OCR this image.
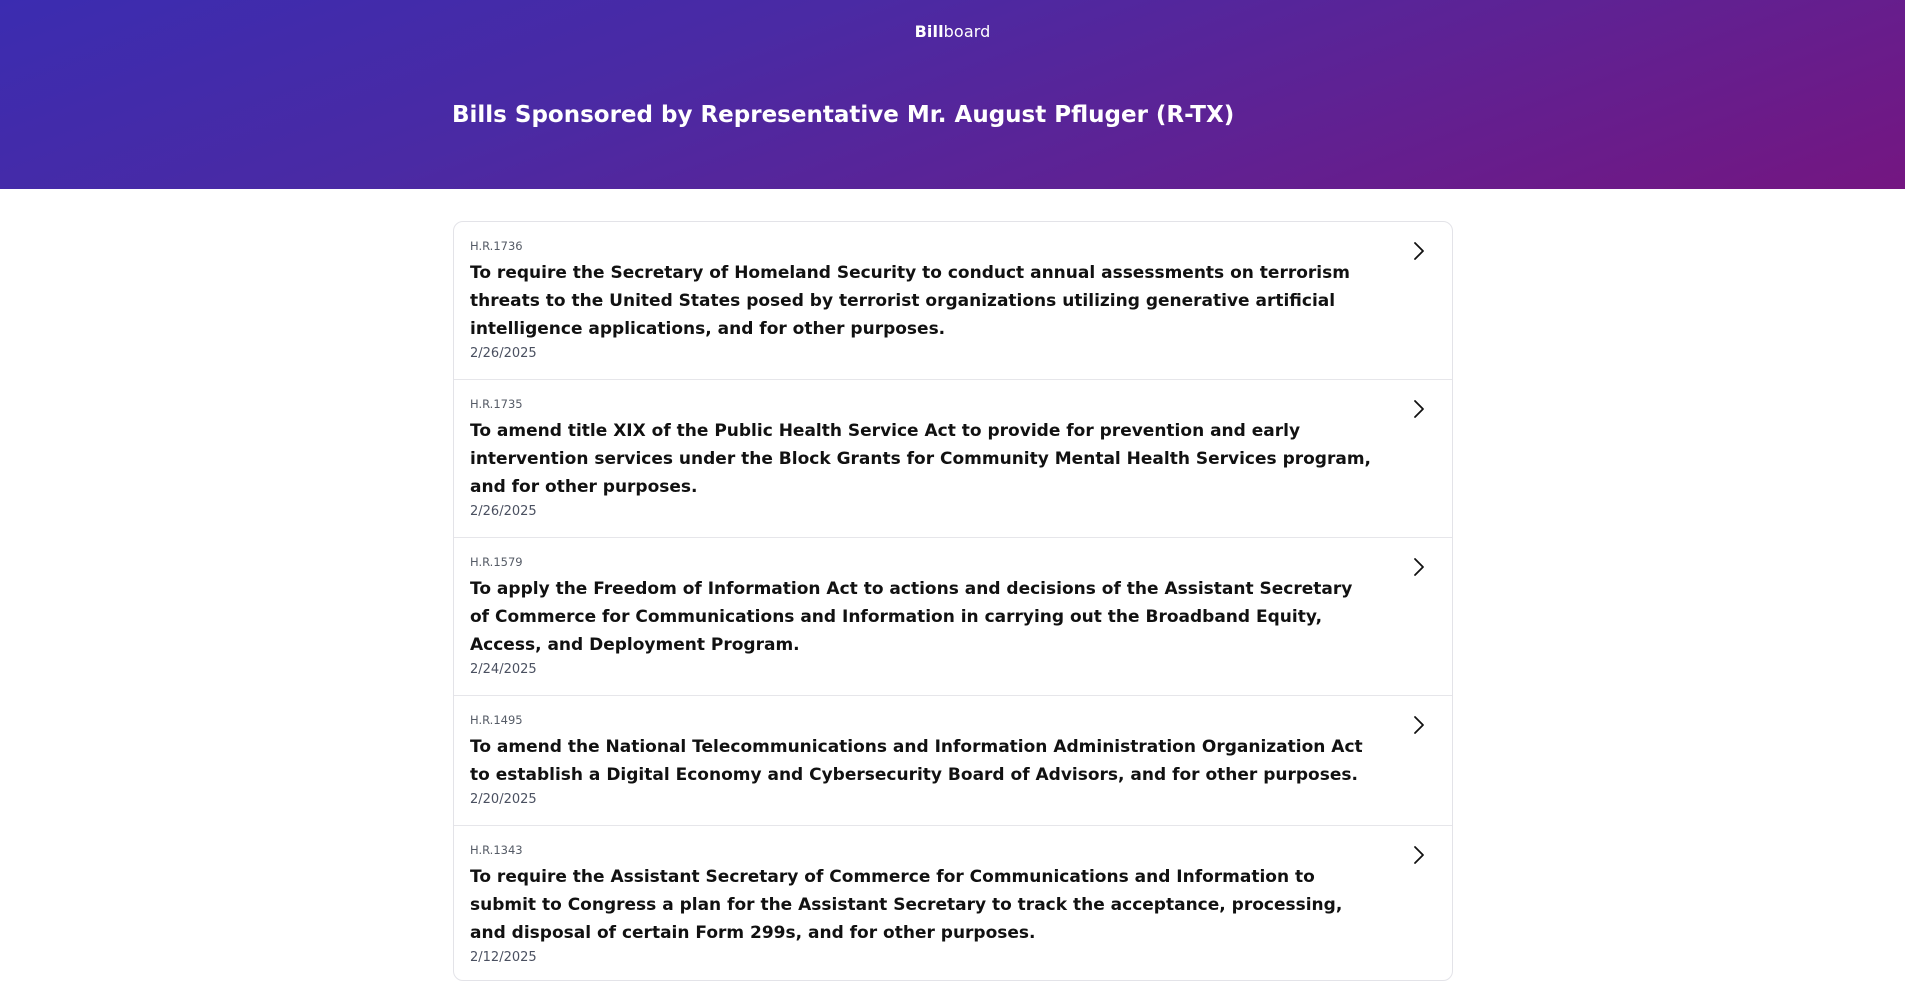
Billboard
Bills Sponsored by Representative Mr. August Pfluger (R-TX)
H.R.1736
To require the Secretary of Homeland Security to conduct annual assessments on terrorism threats to the United States posed by terrorist organizations utilizing generative artificial intelligence applications, and for other purposes.
2/26/2025
H.R.1735
To amend title XIX of the Public Health Service Act to provide for prevention and early intervention services under the Block Grants for Community Mental Health Services program, and for other purposes.
2/26/2025
H.R.1579
To apply the Freedom of Information Act to actions and decisions of the Assistant Secretary of Commerce for Communications and Information in carrying out the Broadband Equity, Access, and Deployment Program.
2/24/2025
H.R.1495
To amend the National Telecommunications and Information Administration Organization Act to establish a Digital Economy and Cybersecurity Board of Advisors, and for other purposes.
2/20/2025
H.R.1343
To require the Assistant Secretary of Commerce for Communications and Information to submit to Congress a plan for the Assistant Secretary to track the acceptance, processing, and disposal of certain Form 299s, and for other purposes.
2/12/2025
